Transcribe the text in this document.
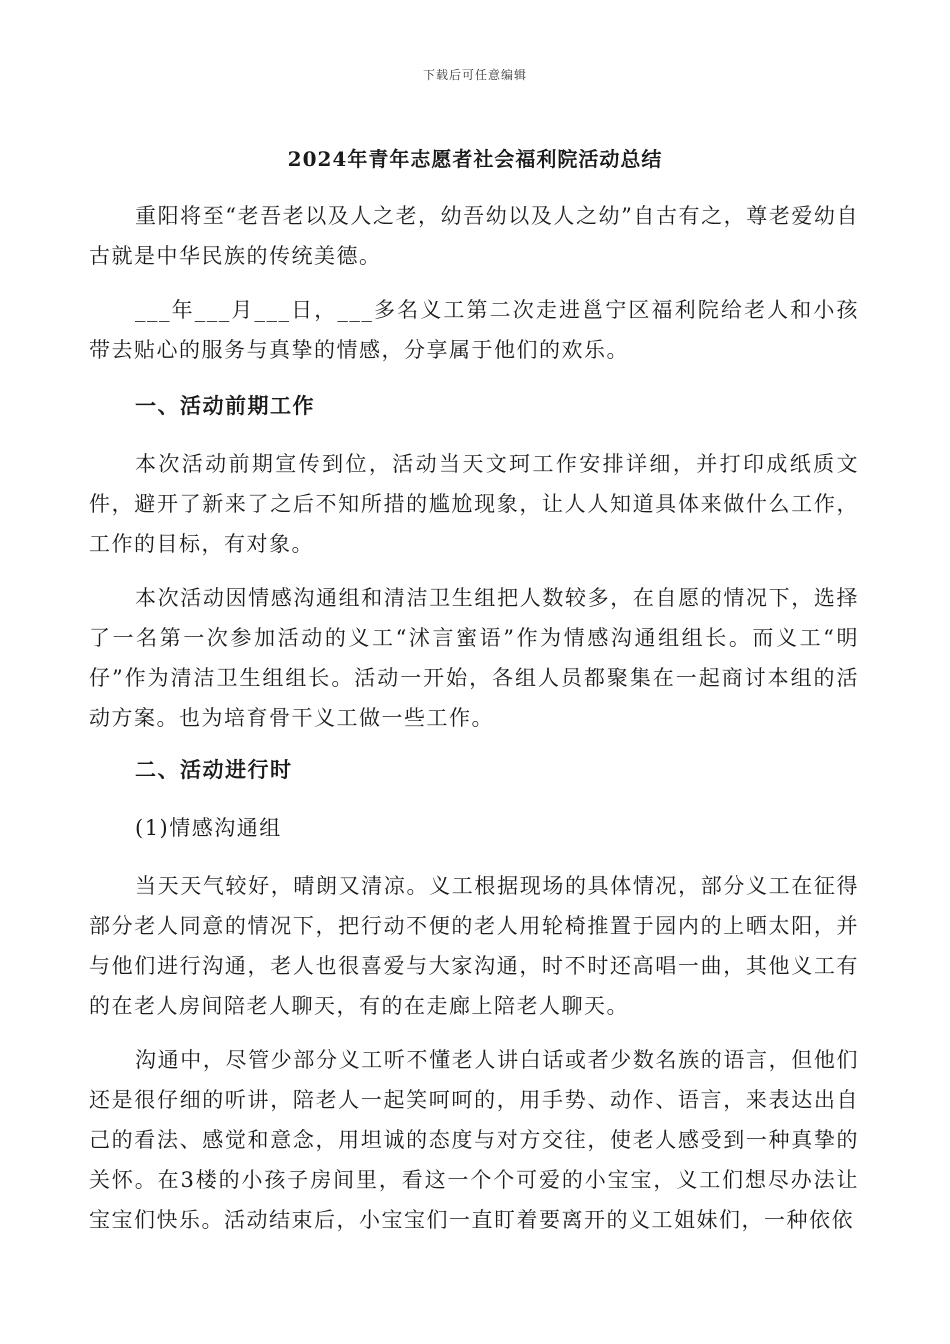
下载后可任意编辑
2024年青年志愿者社会福利院活动总结

重阳将至“老吾老以及人之老，幼吾幼以及人之幼”自古有之，尊老爱幼自古就是中华民族的传统美德。

___年___月___日，___多名义工第二次走进邕宁区福利院给老人和小孩带去贴心的服务与真挚的情感，分享属于他们的欢乐。

一、活动前期工作

本次活动前期宣传到位，活动当天文珂工作安排详细，并打印成纸质文件，避开了新来了之后不知所措的尴尬现象，让人人知道具体来做什么工作，工作的目标，有对象。

本次活动因情感沟通组和清洁卫生组把人数较多，在自愿的情况下，选择了一名第一次参加活动的义工“沭言蜜语”作为情感沟通组组长。而义工“明仔”作为清洁卫生组组长。活动一开始，各组人员都聚集在一起商讨本组的活动方案。也为培育骨干义工做一些工作。

二、活动进行时

(1)情感沟通组

当天天气较好，晴朗又清凉。义工根据现场的具体情况，部分义工在征得部分老人同意的情况下，把行动不便的老人用轮椅推置于园内的上晒太阳，并与他们进行沟通，老人也很喜爱与大家沟通，时不时还高唱一曲，其他义工有的在老人房间陪老人聊天，有的在走廊上陪老人聊天。

沟通中，尽管少部分义工听不懂老人讲白话或者少数名族的语言，但他们还是很仔细的听讲，陪老人一起笑呵呵的，用手势、动作、语言，来表达出自己的看法、感觉和意念，用坦诚的态度与对方交往，使老人感受到一种真挚的关怀。在3楼的小孩子房间里，看这一个个可爱的小宝宝，义工们想尽办法让宝宝们快乐。活动结束后，小宝宝们一直盯着要离开的义工姐妹们，一种依依
